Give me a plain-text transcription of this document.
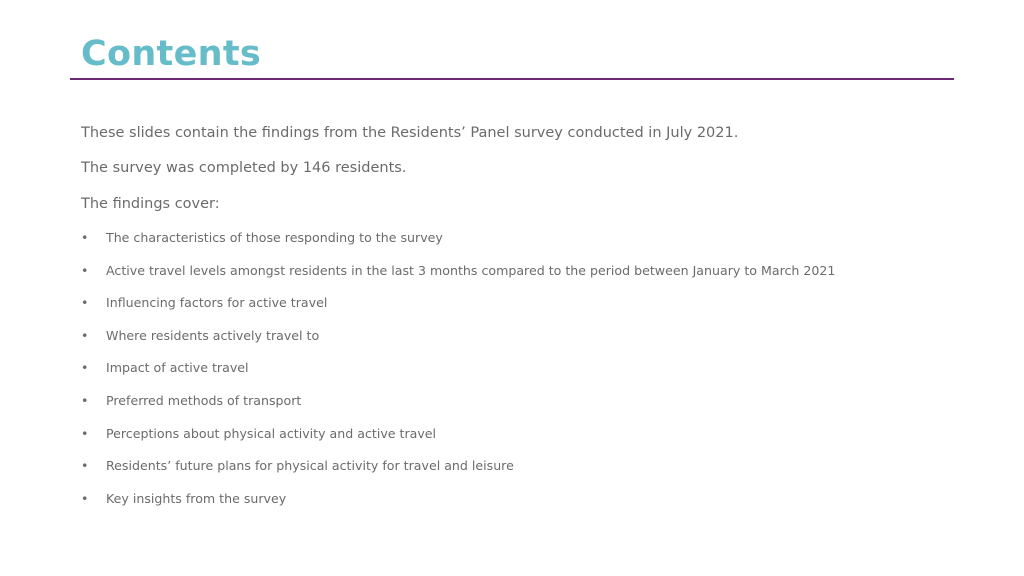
Contents

These slides contain the findings from the Residents’ Panel survey conducted in July 2021.

The survey was completed by 146 residents.

The findings cover:

• The characteristics of those responding to the survey
• Active travel levels amongst residents in the last 3 months compared to the period between January to March 2021
• Influencing factors for active travel
• Where residents actively travel to
• Impact of active travel
• Preferred methods of transport
• Perceptions about physical activity and active travel
• Residents’ future plans for physical activity for travel and leisure
• Key insights from the survey
